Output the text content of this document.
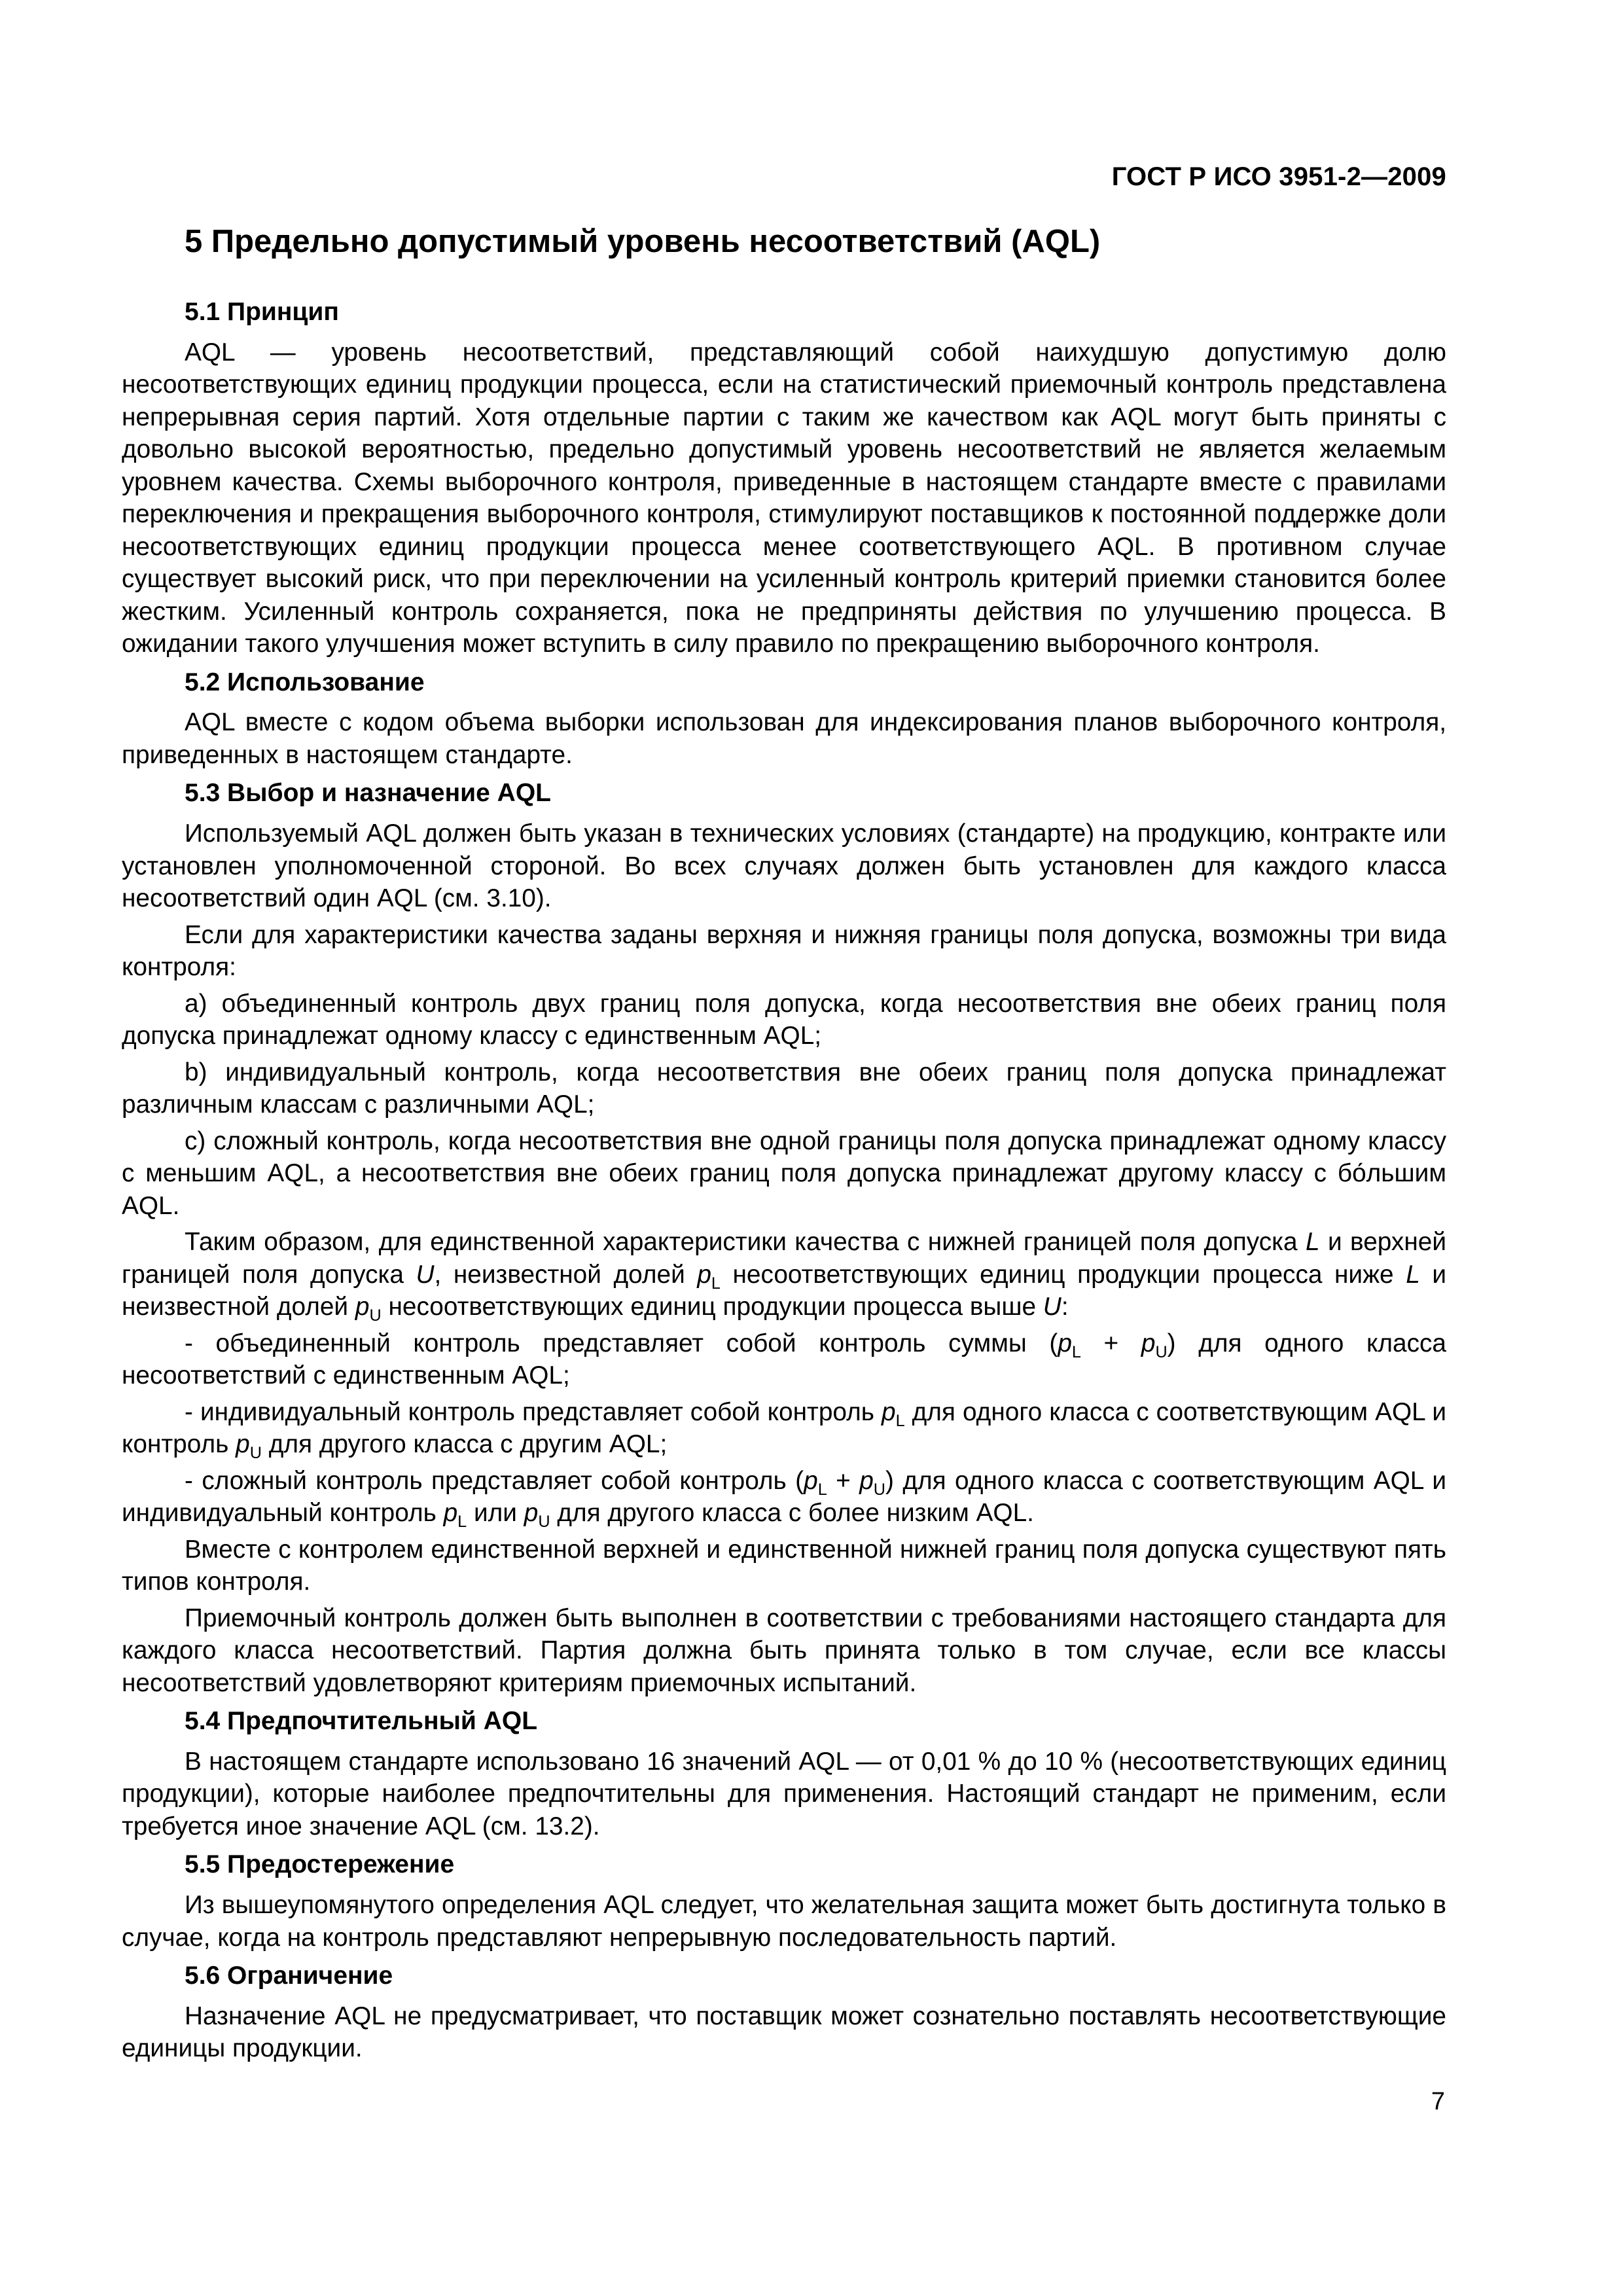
ГОСТ Р ИСО 3951-2—2009
5 Предельно допустимый уровень несоответствий (AQL)
5.1 Принцип

AQL — уровень несоответствий, представляющий собой наихудшую допустимую долю несоответствующих единиц продукции процесса, если на статистический приемочный контроль представлена непрерывная серия партий. Хотя отдельные партии с таким же качеством как AQL могут быть приняты с довольно высокой вероятностью, предельно допустимый уровень несоответствий не является желаемым уровнем качества. Схемы выборочного контроля, приведенные в настоящем стандарте вместе с правилами переключения и прекращения выборочного контроля, стимулируют поставщиков к постоянной поддержке доли несоответствующих единиц продукции процесса менее соответствующего AQL. В противном случае существует высокий риск, что при переключении на усиленный контроль критерий приемки становится более жестким. Усиленный контроль сохраняется, пока не предприняты действия по улучшению процесса. В ожидании такого улучшения может вступить в силу правило по прекращению выборочного контроля.

5.2 Использование

AQL вместе с кодом объема выборки использован для индексирования планов выборочного контроля, приведенных в настоящем стандарте.

5.3 Выбор и назначение AQL

Используемый AQL должен быть указан в технических условиях (стандарте) на продукцию, контракте или установлен уполномоченной стороной. Во всех случаях должен быть установлен для каждого класса несоответствий один AQL (см. 3.10).

Если для характеристики качества заданы верхняя и нижняя границы поля допуска, возможны три вида контроля:

a) объединенный контроль двух границ поля допуска, когда несоответствия вне обеих границ поля допуска принадлежат одному классу с единственным AQL;

b) индивидуальный контроль, когда несоответствия вне обеих границ поля допуска принадлежат различным классам с различными AQL;

c) сложный контроль, когда несоответствия вне одной границы поля допуска принадлежат одному классу с меньшим AQL, а несоответствия вне обеих границ поля допуска принадлежат другому классу с бо́льшим AQL.

Таким образом, для единственной характеристики качества с нижней границей поля допуска L и верхней границей поля допуска U, неизвестной долей $p_L$ несоответствующих единиц продукции процесса ниже L и неизвестной долей $p_U$ несоответствующих единиц продукции процесса выше U:

- объединенный контроль представляет собой контроль суммы $(p_L + p_U)$ для одного класса несоответствий с единственным AQL;

- индивидуальный контроль представляет собой контроль $p_L$ для одного класса с соответствующим AQL и контроль $p_U$ для другого класса с другим AQL;

- сложный контроль представляет собой контроль $(p_L + p_U)$ для одного класса с соответствующим AQL и индивидуальный контроль $p_L$ или $p_U$ для другого класса с более низким AQL.

Вместе с контролем единственной верхней и единственной нижней границ поля допуска существуют пять типов контроля.

Приемочный контроль должен быть выполнен в соответствии с требованиями настоящего стандарта для каждого класса несоответствий. Партия должна быть принята только в том случае, если все классы несоответствий удовлетворяют критериям приемочных испытаний.

5.4 Предпочтительный AQL

В настоящем стандарте использовано 16 значений AQL — от 0,01 % до 10 % (несоответствующих единиц продукции), которые наиболее предпочтительны для применения. Настоящий стандарт не применим, если требуется иное значение AQL (см. 13.2).

5.5 Предостережение

Из вышеупомянутого определения AQL следует, что желательная защита может быть достигнута только в случае, когда на контроль представляют непрерывную последовательность партий.

5.6 Ограничение

Назначение AQL не предусматривает, что поставщик может сознательно поставлять несоответствующие единицы продукции.

7
